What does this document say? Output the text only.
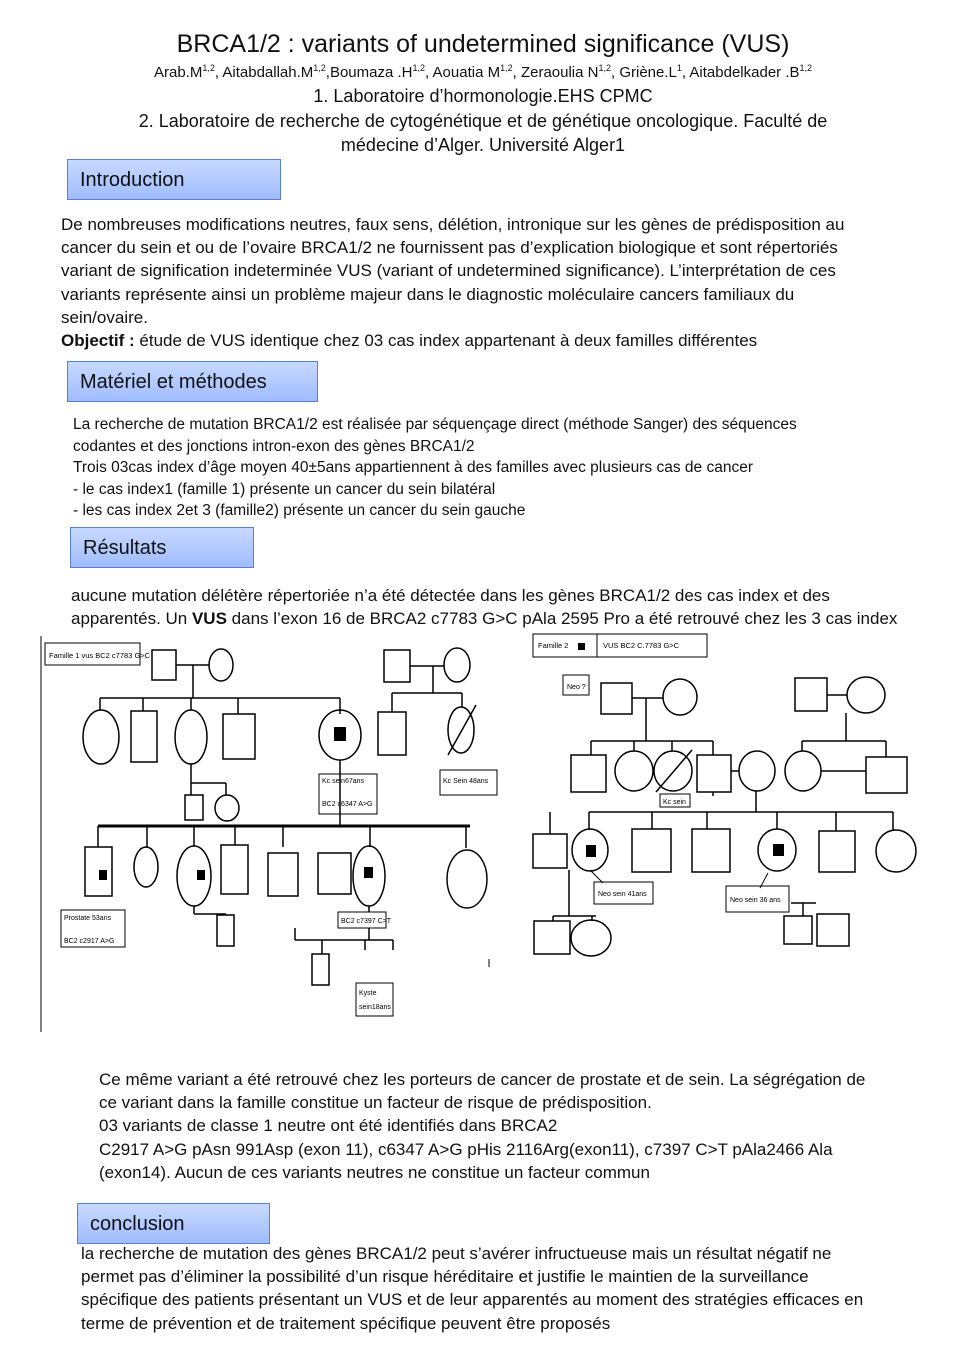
BRCA1/2 : variants of undetermined significance (VUS)
$Arab.M^{1,2}$, $Aitabdallah.M^{1,2},Boumaza$ $.H^{1,2}$, Aouatia M$^{1,2}$, Zeraoulia N$^{1,2}$, $Griène.L^1$, Aitabdelkader $.B^{1,2}$
1. Laboratoire d’hormonologie.EHS CPMC
2. Laboratoire de recherche de cytogénétique et de génétique oncologique. Faculté de
médecine d’Alger. Université Alger1
Introduction
De nombreuses modifications neutres, faux sens, délétion, intronique sur les gènes de prédisposition au
cancer du sein et ou de l’ovaire BRCA1/2 ne fournissent pas d’explication biologique et sont répertoriés
variant de signification indeterminée VUS (variant of undetermined significance). L’interprétation de ces
variants représente ainsi un problème majeur dans le diagnostic moléculaire cancers familiaux du
sein/ovaire.
Objectif : étude de VUS identique chez 03 cas index appartenant à deux familles différentes
Matériel et méthodes
La recherche de mutation BRCA1/2 est réalisée par séquençage direct (méthode Sanger) des séquences
codantes et des jonctions intron-exon des gènes BRCA1/2
Trois 03cas index d’âge moyen 40±5ans appartiennent à des familles avec plusieurs cas de cancer
- le cas index1 (famille 1) présente un cancer du sein bilatéral
- les cas index 2et 3 (famille2) présente un cancer du sein gauche
Résultats
aucune mutation délétère répertoriée n’a été détectée dans les gènes BRCA1/2 des cas index et des
apparentés. Un VUS dans l’exon 16 de BRCA2 c7783 G>C pAla 2595 Pro a été retrouvé chez les 3 cas index
Famille 1 vus BC2 c7783 G>C
Kc sein67ans
BC2 c6347 A>G
Kc Sein 48ans
Prostate 53ans
BC2 c2917 A>G
BC2 c7397 C>T
Kyste
sein18ans
Famille 2	VUS BC2 C.7783 G>C
Neo ?
Kc sein
Neo sein 41ans
Neo sein 36 ans
Ce même variant a été retrouvé chez les porteurs de cancer de prostate et de sein. La ségrégation de
ce variant dans la famille constitue un facteur de risque de prédisposition.
03 variants de classe 1 neutre ont été identifiés dans BRCA2
C2917 A>G pAsn 991Asp (exon 11), c6347 A>G pHis 2116Arg(exon11), c7397 C>T pAla2466 Ala
(exon14). Aucun de ces variants neutres ne constitue un facteur commun
conclusion
la recherche de mutation des gènes BRCA1/2 peut s’avérer infructueuse mais un résultat négatif ne
permet pas d’éliminer la possibilité d’un risque héréditaire et justifie le maintien de la surveillance
spécifique des patients présentant un VUS et de leur apparentés au moment des stratégies efficaces en
terme de prévention et de traitement spécifique peuvent être proposés
